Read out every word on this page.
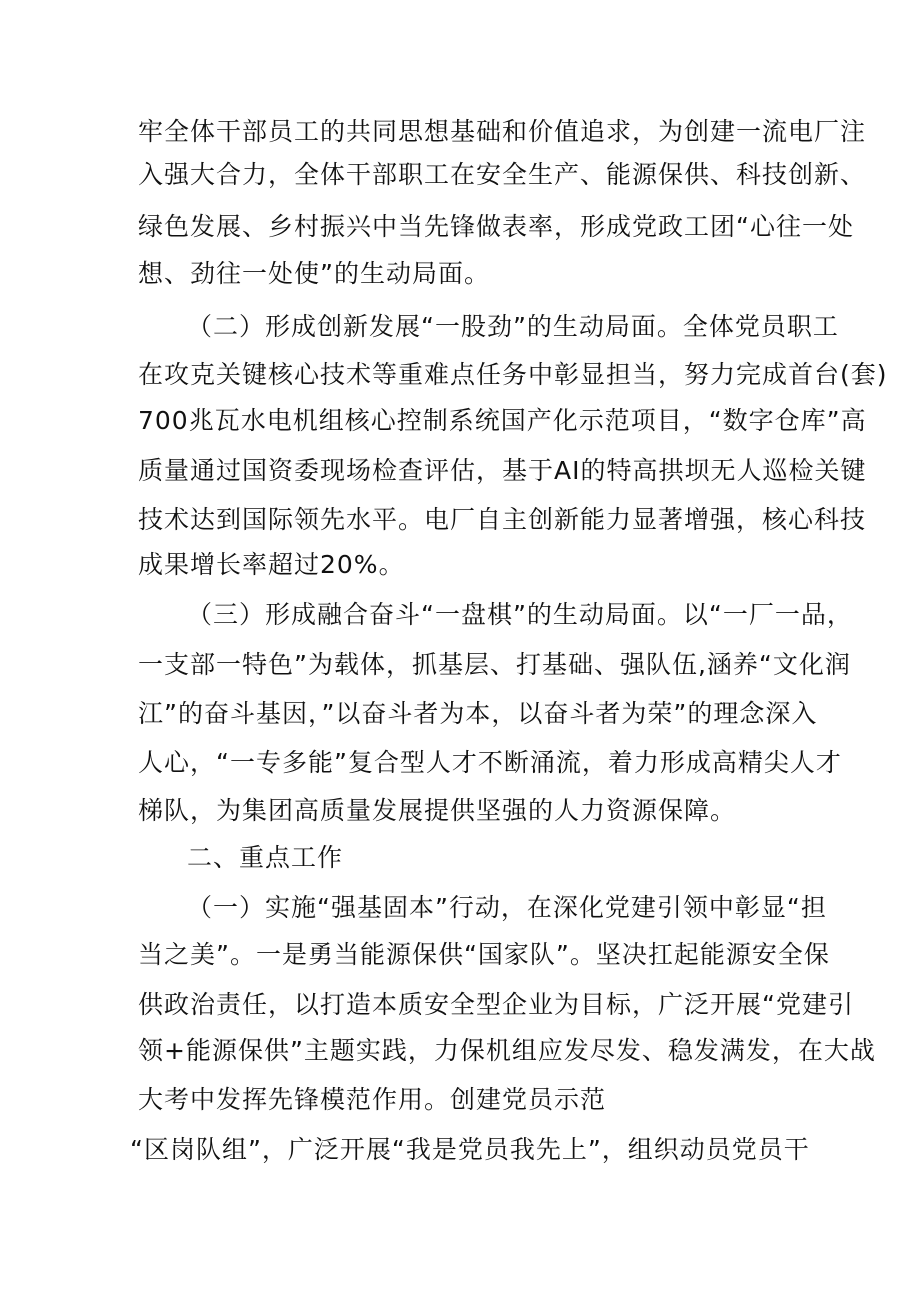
牢全体干部员工的共同思想基础和价值追求，为创建一流电厂注
入强大合力，全体干部职工在安全生产、能源保供、科技创新、
绿色发展、乡村振兴中当先锋做表率，形成党政工团“心往一处
想、劲往一处使”的生动局面。
（二）形成创新发展“一股劲”的生动局面。全体党员职工
在攻克关键核心技术等重难点任务中彰显担当，努力完成首台(套)
700兆瓦水电机组核心控制系统国产化示范项目，“数字仓库”高
质量通过国资委现场检查评估，基于AI的特高拱坝无人巡检关键
技术达到国际领先水平。电厂自主创新能力显著增强，核心科技
成果增长率超过20%。
（三）形成融合奋斗“一盘棋”的生动局面。以“一厂一品，
一支部一特色”为载体，抓基层、打基础、强队伍,涵养“文化润
江”的奋斗基因，”以奋斗者为本，以奋斗者为荣”的理念深入
人心，“一专多能”复合型人才不断涌流，着力形成高精尖人才
梯队，为集团高质量发展提供坚强的人力资源保障。
二、重点工作
（一）实施“强基固本”行动，在深化党建引领中彰显“担
当之美”。一是勇当能源保供“国家队”。坚决扛起能源安全保
供政治责任，以打造本质安全型企业为目标，广泛开展“党建引
领+能源保供”主题实践，力保机组应发尽发、稳发满发，在大战
大考中发挥先锋模范作用。创建党员示范
“区岗队组”，广泛开展“我是党员我先上”，组织动员党员干
